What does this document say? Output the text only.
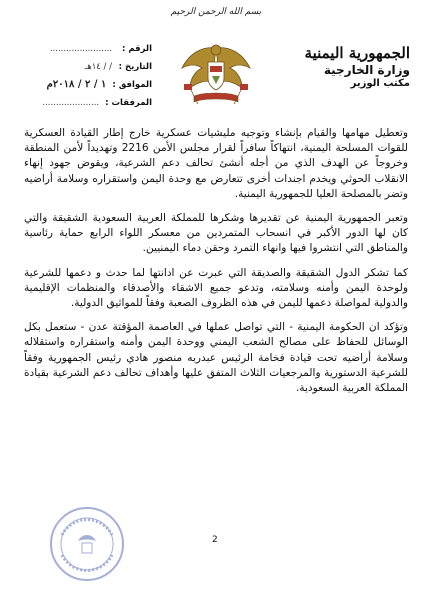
بسم الله الرحمن الرحيم
الجمهورية اليمنية
وزارة الخارجية
مكتب الوزير
الرقم :
.......................
التاريخ :
/ / ١٤هـ
الموافق :
١ / ٢ / ٢٠١٨م
المرفقات :
.....................

وتعطيل مهامها والقيام بإنشاء وتوجيه مليشيات عسكرية خارج إطار القيادة العسكرية للقوات المسلحة اليمنية، انتهاكاً سافراً لقرار مجلس الأمن 2216 وتهديداً لأمن المنطقة وخروجاً عن الهدف الذي من أجله أنشئ تحالف دعم الشرعية، ويقوض جهود إنهاء الانقلاب الحوثي ويخدم اجندات أخرى تتعارض مع وحدة اليمن واستقراره وسلامة أراضيه وتضر بالمصلحة العليا للجمهورية اليمنية.

وتعبر الجمهورية اليمنية عن تقديرها وشكرها للمملكة العربية السعودية الشقيقة والتي كان لها الدور الأكبر في انسحاب المتمردين من معسكر اللواء الرابع حماية رئاسية والمناطق التي انتشروا فيها وانهاء التمرد وحقن دماء اليمنيين.

كما تشكر الدول الشقيقة والصديقة التي عبرت عن ادانتها لما حدث و دعمها للشرعية ولوحدة اليمن وأمنه وسلامته، وتدعو جميع الاشقاء والأصدقاء والمنظمات الإقليمية والدولية لمواصلة دعمها لليمن في هذه الظروف الصعبة وفقاً للمواثيق الدولية.

وتؤكد ان الحكومة اليمنية - التي تواصل عملها في العاصمة المؤقتة عدن - ستعمل بكل الوسائل للحفاظ على مصالح الشعب اليمني ووحدة اليمن وأمنه واستقراره واستقلاله وسلامة أراضيه تحت قيادة فخامة الرئيس عبدربه منصور هادي رئيس الجمهورية وفقاً للشرعية الدستورية والمرجعيات الثلاث المتفق عليها وأهداف تحالف دعم الشرعية بقيادة المملكة العربية السعودية.

2
